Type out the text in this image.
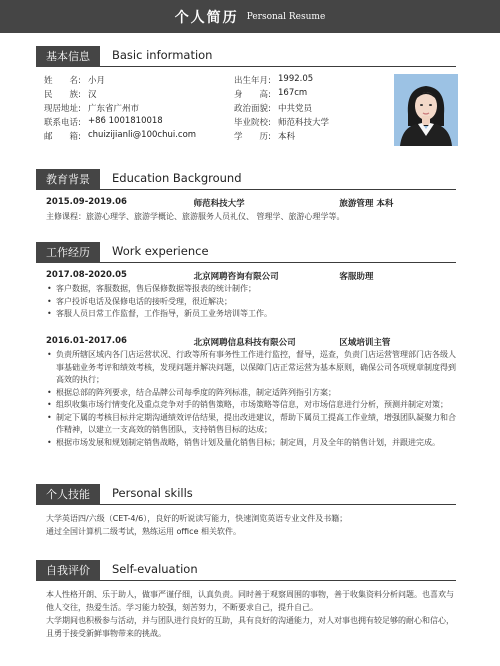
个人简历 Personal Resume
基本信息	Basic information
姓　　名: 小月	出生年月: 1992.05
民　　族: 汉	身　　高: 167cm
现居地址: 广东省广州市	政治面貌: 中共党员
联系电话: +86 1001810018	毕业院校: 师范科技大学
邮　　箱: chuizijianli@100chui.com	学　　历: 本科
教育背景	Education Background
2015.09-2019.06	师范科技大学	旅游管理 本科
主修课程：旅游心理学、旅游学概论、旅游服务人员礼仪、 管理学、旅游心理学等。
工作经历	Work experience
2017.08-2020.05	北京网聘咨询有限公司	客服助理
• 客户数据，客服数据，售后保修数据等报表的统计制作；
• 客户投诉电话及保修电话的接听受理，很近解决；
• 客服人员日常工作监督，工作指导，新员工业务培训等工作。
2016.01-2017.06	北京网聘信息科技有限公司	区域培训主管
• 负责所辖区域内各门店运营状况、行政等所有事务性工作进行监控，督导，巡查，负责门店运营管理部门店各级人事基础业务考评和绩效考核，发现问题并解决问题，以保障门店正常运营为基本原则，确保公司各项规章制度得到高效的执行；
• 根据总部的阵列要求，结合品牌公司每季度的阵列标准，制定适阵列指引方案；
• 组织收集市场行情变化及重点竞争对手的销售策略，市场策略等信息，对市场信息进行分析，预测并制定对策；
• 制定下属的考核目标并定期沟通绩效评估结果，提出改进建议，帮助下属员工提高工作业绩，增强团队凝聚力和合作精神，以建立一支高效的销售团队，支持销售目标的达成；
• 根据市场发展和规划制定销售战略，销售计划及量化销售目标；制定周，月及全年的销售计划，并跟进完成。
个人技能	Personal skills
大学英语四/六级（CET-4/6），良好的听说读写能力，快速浏览英语专业文件及书籍；
通过全国计算机二级考试，熟练运用 office 相关软件。
自我评价	Self-evaluation
本人性格开朗、乐于助人，做事严谨仔细，认真负责。同时善于观察周围的事物，善于收集资料分析问题。也喜欢与他人交往，热爱生活。学习能力较强，刻苦努力，不断要求自己，提升自己。
大学期间也积极参与活动，并与团队进行良好的互助，具有良好的沟通能力，对人对事也拥有较足够的耐心和信心，且勇于接受新鲜事物带来的挑战。
